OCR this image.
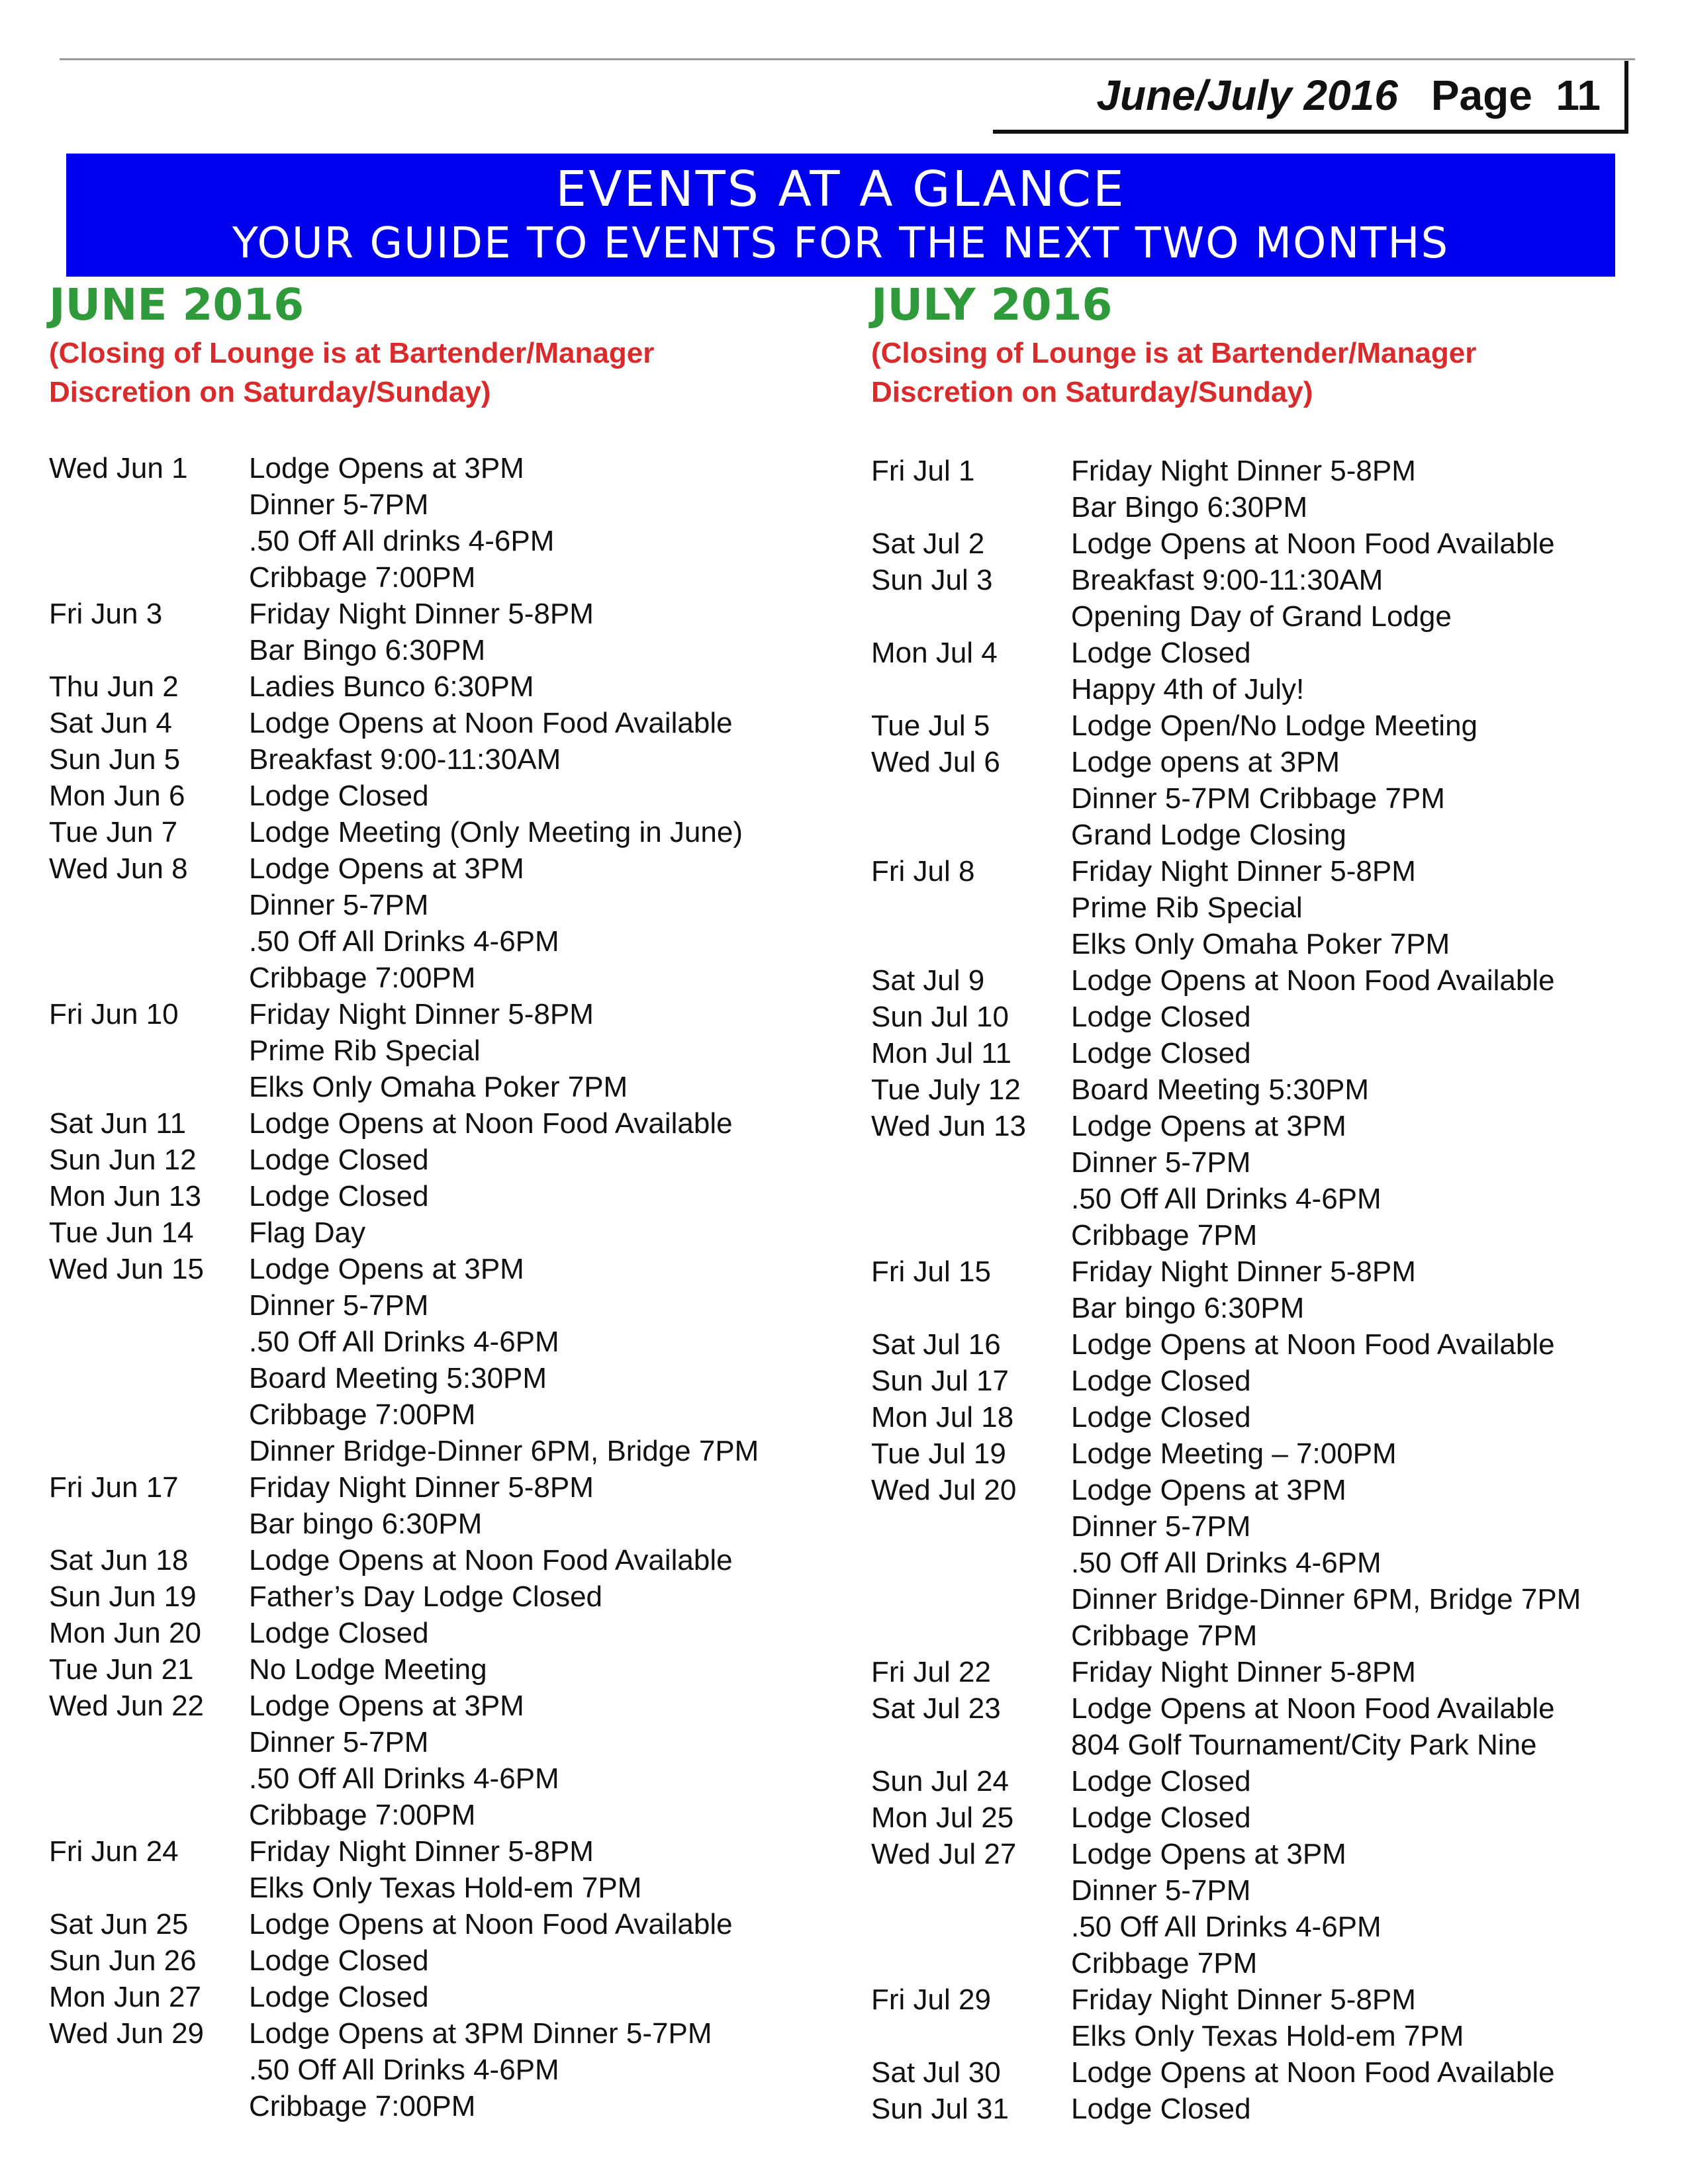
June/July 2016 Page  11
EVENTS AT A GLANCE
YOUR GUIDE TO EVENTS FOR THE NEXT TWO MONTHS
JUNE 2016
(Closing of Lounge is at Bartender/Manager
Discretion on Saturday/Sunday)
Wed Jun 1	Lodge Opens at 3PM
Dinner 5-7PM
.50 Off All drinks 4-6PM
Cribbage 7:00PM
Fri Jun 3	Friday Night Dinner 5-8PM
Bar Bingo 6:30PM
Thu Jun 2	Ladies Bunco 6:30PM
Sat Jun 4	Lodge Opens at Noon Food Available
Sun Jun 5	Breakfast 9:00-11:30AM
Mon Jun 6	Lodge Closed
Tue Jun 7	Lodge Meeting (Only Meeting in June)
Wed Jun 8	Lodge Opens at 3PM
Dinner 5-7PM
.50 Off All Drinks 4-6PM
Cribbage 7:00PM
Fri Jun 10	Friday Night Dinner 5-8PM
Prime Rib Special
Elks Only Omaha Poker 7PM
Sat Jun 11	Lodge Opens at Noon Food Available
Sun Jun 12	Lodge Closed
Mon Jun 13	Lodge Closed
Tue Jun 14	Flag Day
Wed Jun 15	Lodge Opens at 3PM
Dinner 5-7PM
.50 Off All Drinks 4-6PM
Board Meeting 5:30PM
Cribbage 7:00PM
Dinner Bridge-Dinner 6PM, Bridge 7PM
Fri Jun 17	Friday Night Dinner 5-8PM
Bar bingo 6:30PM
Sat Jun 18	Lodge Opens at Noon Food Available
Sun Jun 19	Father’s Day Lodge Closed
Mon Jun 20	Lodge Closed
Tue Jun 21	No Lodge Meeting
Wed Jun 22	Lodge Opens at 3PM
Dinner 5-7PM
.50 Off All Drinks 4-6PM
Cribbage 7:00PM
Fri Jun 24	Friday Night Dinner 5-8PM
Elks Only Texas Hold-em 7PM
Sat Jun 25	Lodge Opens at Noon Food Available
Sun Jun 26	Lodge Closed
Mon Jun 27	Lodge Closed
Wed Jun 29	Lodge Opens at 3PM Dinner 5-7PM
.50 Off All Drinks 4-6PM
Cribbage 7:00PM
JULY 2016
(Closing of Lounge is at Bartender/Manager
Discretion on Saturday/Sunday)
Fri Jul 1	Friday Night Dinner 5-8PM
Bar Bingo 6:30PM
Sat Jul 2	Lodge Opens at Noon Food Available
Sun Jul 3	Breakfast 9:00-11:30AM
Opening Day of Grand Lodge
Mon Jul 4	Lodge Closed
Happy 4th of July!
Tue Jul 5	Lodge Open/No Lodge Meeting
Wed Jul 6	Lodge opens at 3PM
Dinner 5-7PM Cribbage 7PM
Grand Lodge Closing
Fri Jul 8	Friday Night Dinner 5-8PM
Prime Rib Special
Elks Only Omaha Poker 7PM
Sat Jul 9	Lodge Opens at Noon Food Available
Sun Jul 10	Lodge Closed
Mon Jul 11	Lodge Closed
Tue July 12	Board Meeting 5:30PM
Wed Jun 13	Lodge Opens at 3PM
Dinner 5-7PM
.50 Off All Drinks 4-6PM
Cribbage 7PM
Fri Jul 15	Friday Night Dinner 5-8PM
Bar bingo 6:30PM
Sat Jul 16	Lodge Opens at Noon Food Available
Sun Jul 17	Lodge Closed
Mon Jul 18	Lodge Closed
Tue Jul 19	Lodge Meeting – 7:00PM
Wed Jul 20	Lodge Opens at 3PM
Dinner 5-7PM
.50 Off All Drinks 4-6PM
Dinner Bridge-Dinner 6PM, Bridge 7PM
Cribbage 7PM
Fri Jul 22	Friday Night Dinner 5-8PM
Sat Jul 23	Lodge Opens at Noon Food Available
804 Golf Tournament/City Park Nine
Sun Jul 24	Lodge Closed
Mon Jul 25	Lodge Closed
Wed Jul 27	Lodge Opens at 3PM
Dinner 5-7PM
.50 Off All Drinks 4-6PM
Cribbage 7PM
Fri Jul 29	Friday Night Dinner 5-8PM
Elks Only Texas Hold-em 7PM
Sat Jul 30	Lodge Opens at Noon Food Available
Sun Jul 31	Lodge Closed
